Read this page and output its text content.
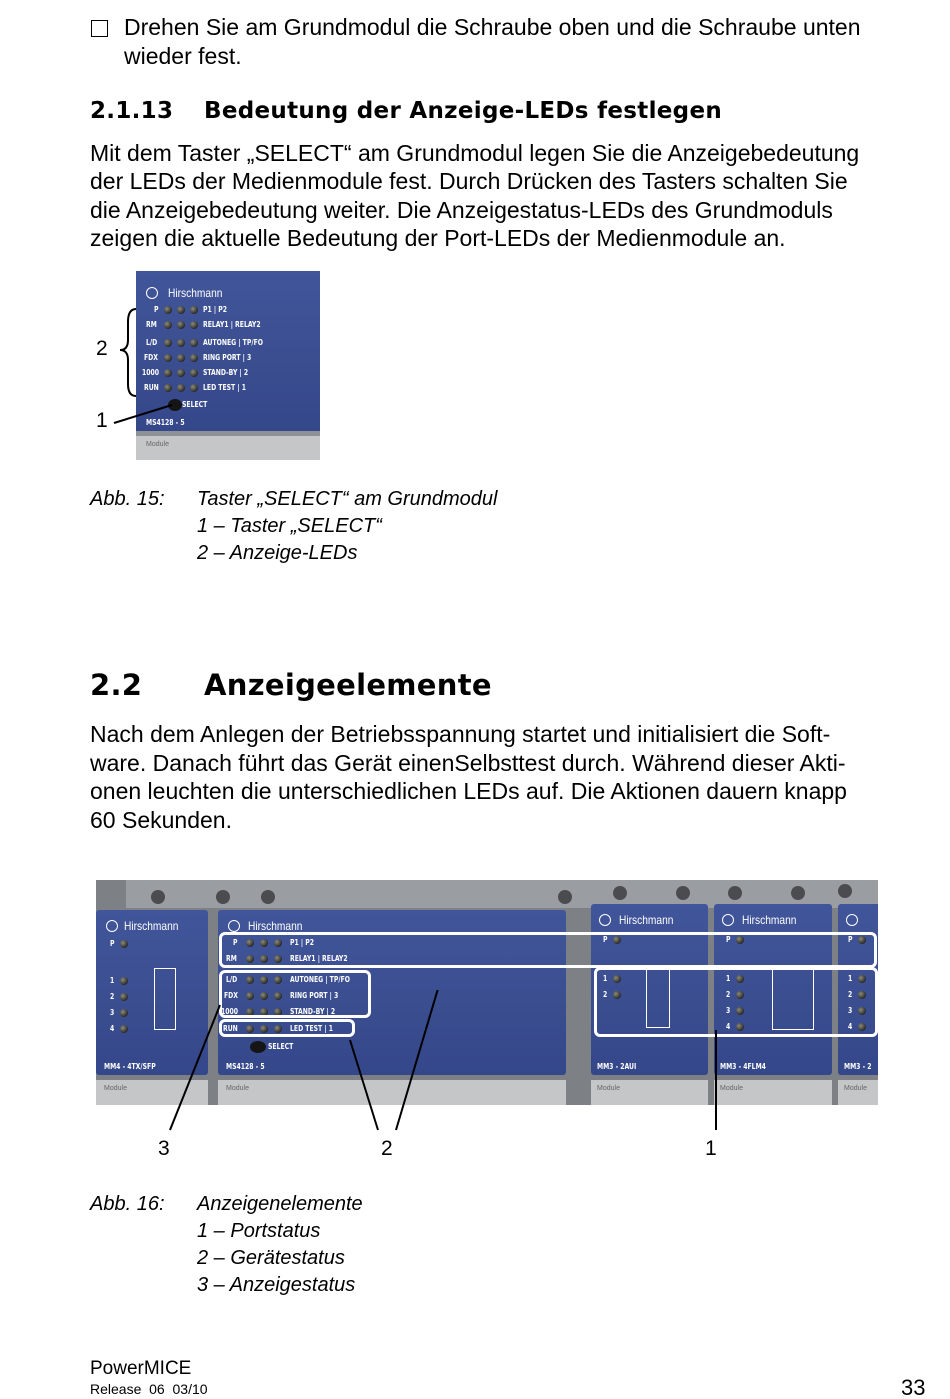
Drehen Sie am Grundmodul die Schraube oben und die Schraube unten
wieder fest.
2.1.13 Bedeutung der Anzeige-LEDs festlegen
Mit dem Taster „SELECT“ am Grundmodul legen Sie die Anzeigebedeutung
der LEDs der Medienmodule fest. Durch Drücken des Tasters schalten Sie
die Anzeigebedeutung weiter. Die Anzeigestatus-LEDs des Grundmoduls
zeigen die aktuelle Bedeutung der Port-LEDs der Medienmodule an.
Hirschmann
P	P1 | P2
RM	RELAY1 | RELAY2
L/D	AUTONEG | TP/FO
FDX	RING PORT | 3
1000	STAND-BY | 2
RUN	LED TEST | 1
SELECT
MS4128 - 5
Module
2
1
Abb. 15: Taster „SELECT“ am Grundmodul
1 – Taster „SELECT“
2 – Anzeige-LEDs
2.2 Anzeigeelemente
Nach dem Anlegen der Betriebsspannung startet und initialisiert die Soft-
ware. Danach führt das Gerät einenSelbsttest durch. Während dieser Akti-
onen leuchten die unterschiedlichen LEDs auf. Die Aktionen dauern knapp
60 Sekunden.
Hirschmann
P
1
2
3
4
MM4 - 4TX/SFP
Module
Hirschmann
P	P1 | P2
RM	RELAY1 | RELAY2
L/D	AUTONEG | TP/FO
FDX	RING PORT | 3
1000	STAND-BY | 2
RUN	LED TEST | 1
SELECT
MS4128 - 5
Module
Hirschmann
P
1
2
MM3 - 2AUI
Module
Hirschmann
P
1
2
3
4
MM3 - 4FLM4
Module
P
1
2
3
4
MM3 - 2
Module
3	2	1
Abb. 16: Anzeigenelemente
1 – Portstatus
2 – Gerätestatus
3 – Anzeigestatus
PowerMICE
Release  06  03/10	33
